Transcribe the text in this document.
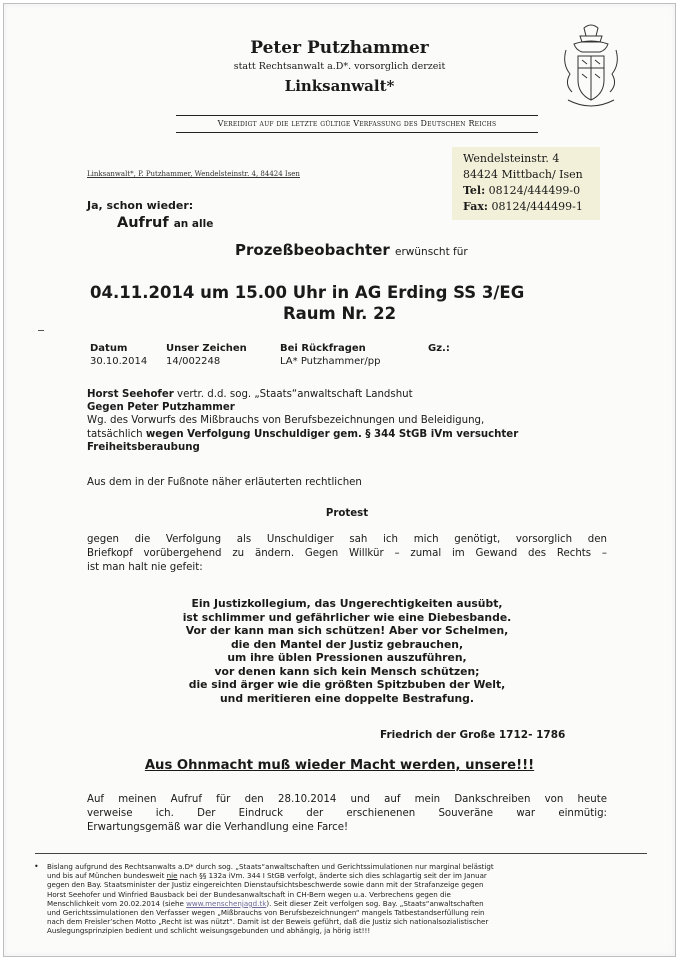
Peter Putzhammer
statt Rechtsanwalt a.D*. vorsorglich derzeit
Linksanwalt*
Vereidigt auf die letzte gültige Verfassung des Deutschen Reichs
Wendelsteinstr. 4
84424 Mittbach/ Isen
Tel: 08124/444499-0
Fax: 08124/444499-1
Linksanwalt*, P. Putzhammer, Wendelsteinstr. 4, 84424 Isen
Ja, schon wieder:
Aufruf an alle
Prozeßbeobachter erwünscht für
04.11.2014 um 15.00 Uhr in AG Erding SS 3/EG
Raum Nr. 22
Datum	Unser Zeichen	Bei Rückfragen	Gz.:
30.10.2014 14/002248	LA* Putzhammer/pp
Horst Seehofer vertr. d.d. sog. „Staats“anwaltschaft Landshut
Gegen Peter Putzhammer
Wg. des Vorwurfs des Mißbrauchs von Berufsbezeichnungen und Beleidigung,
tatsächlich wegen Verfolgung Unschuldiger gem. § 344 StGB iVm versuchter
Freiheitsberaubung
Aus dem in der Fußnote näher erläuterten rechtlichen
Protest
gegen die Verfolgung als Unschuldiger sah ich mich genötigt, vorsorglich den
Briefkopf vorübergehend zu ändern. Gegen Willkür – zumal im Gewand des Rechts –
ist man halt nie gefeit:
Ein Justizkollegium, das Ungerechtigkeiten ausübt,
ist schlimmer und gefährlicher wie eine Diebesbande.
Vor der kann man sich schützen! Aber vor Schelmen,
die den Mantel der Justiz gebrauchen,
um ihre üblen Pressionen auszuführen,
vor denen kann sich kein Mensch schützen;
die sind ärger wie die größten Spitzbuben der Welt,
und meritieren eine doppelte Bestrafung.
Friedrich der Große 1712- 1786
Aus Ohnmacht muß wieder Macht werden, unsere!!!
Auf meinen Aufruf für den 28.10.2014 und auf mein Dankschreiben von heute
verweise ich. Der Eindruck der erschienenen Souveräne war einmütig:
Erwartungsgemäß war die Verhandlung eine Farce!
• Bislang aufgrund des Rechtsanwalts a.D* durch sog. „Staats“anwaltschaften und Gerichtssimulationen nur marginal belästigt
und bis auf München bundesweit nie nach §§ 132a iVm. 344 I StGB verfolgt, änderte sich dies schlagartig seit der im Januar
gegen den Bay. Staatsminister der Justiz eingereichten Dienstaufsichtsbeschwerde sowie dann mit der Strafanzeige gegen
Horst Seehofer und Winfried Bausback bei der Bundesanwaltschaft in CH-Bern wegen u.a. Verbrechens gegen die
Menschlichkeit vom 20.02.2014 (siehe www.menschenjagd.tk). Seit dieser Zeit verfolgen sog. Bay. „Staats“anwaltschaften
und Gerichtssimulationen den Verfasser wegen „Mißbrauchs von Berufsbezeichnungen“ mangels Tatbestandserfüllung rein
nach dem Freisler’schen Motto „Recht ist was nützt“. Damit ist der Beweis geführt, daß die Justiz sich nationalsozialistischer
Auslegungsprinzipien bedient und schlicht weisungsgebunden und abhängig, ja hörig ist!!!
